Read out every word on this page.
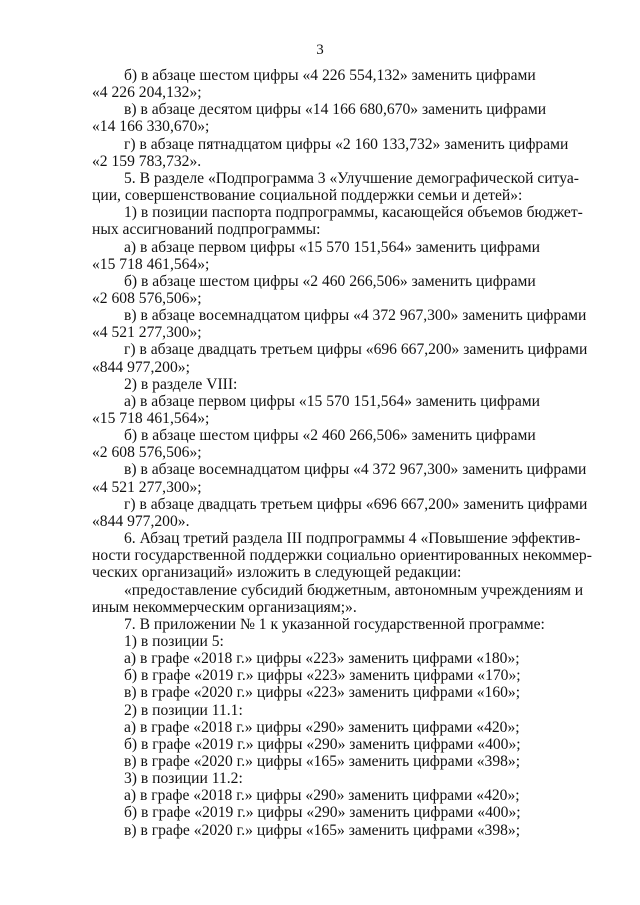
3
б) в абзаце шестом цифры «4 226 554,132» заменить цифрами
«4 226 204,132»;
в) в абзаце десятом цифры «14 166 680,670» заменить цифрами
«14 166 330,670»;
г) в абзаце пятнадцатом цифры «2 160 133,732» заменить цифрами
«2 159 783,732».
5. В разделе «Подпрограмма 3 «Улучшение демографической ситуа-
ции, совершенствование социальной поддержки семьи и детей»:
1) в позиции паспорта подпрограммы, касающейся объемов бюджет-
ных ассигнований подпрограммы:
а) в абзаце первом цифры «15 570 151,564» заменить цифрами
«15 718 461,564»;
б) в абзаце шестом цифры «2 460 266,506» заменить цифрами
«2 608 576,506»;
в) в абзаце восемнадцатом цифры «4 372 967,300» заменить цифрами
«4 521 277,300»;
г) в абзаце двадцать третьем цифры «696 667,200» заменить цифрами
«844 977,200»;
2) в разделе VIII:
а) в абзаце первом цифры «15 570 151,564» заменить цифрами
«15 718 461,564»;
б) в абзаце шестом цифры «2 460 266,506» заменить цифрами
«2 608 576,506»;
в) в абзаце восемнадцатом цифры «4 372 967,300» заменить цифрами
«4 521 277,300»;
г) в абзаце двадцать третьем цифры «696 667,200» заменить цифрами
«844 977,200».
6. Абзац третий раздела III подпрограммы 4 «Повышение эффектив-
ности государственной поддержки социально ориентированных некоммер-
ческих организаций» изложить в следующей редакции:
«предоставление субсидий бюджетным, автономным учреждениям и
иным некоммерческим организациям;».
7. В приложении № 1 к указанной государственной программе:
1) в позиции 5:
а) в графе «2018 г.» цифры «223» заменить цифрами «180»;
б) в графе «2019 г.» цифры «223» заменить цифрами «170»;
в) в графе «2020 г.» цифры «223» заменить цифрами «160»;
2) в позиции 11.1:
а) в графе «2018 г.» цифры «290» заменить цифрами «420»;
б) в графе «2019 г.» цифры «290» заменить цифрами «400»;
в) в графе «2020 г.» цифры «165» заменить цифрами «398»;
3) в позиции 11.2:
а) в графе «2018 г.» цифры «290» заменить цифрами «420»;
б) в графе «2019 г.» цифры «290» заменить цифрами «400»;
в) в графе «2020 г.» цифры «165» заменить цифрами «398»;
